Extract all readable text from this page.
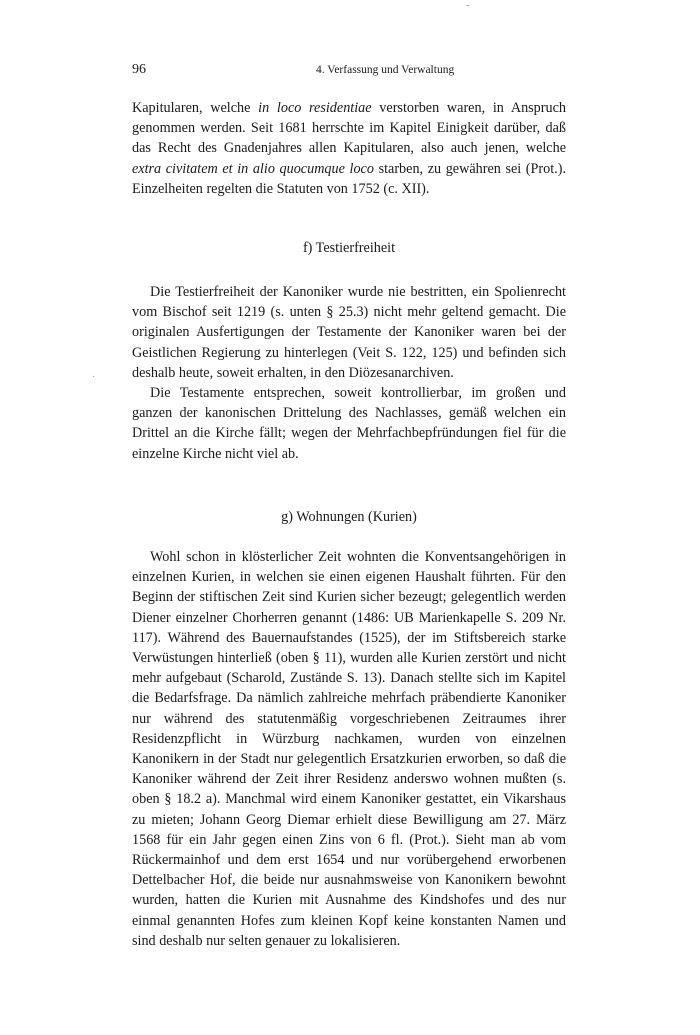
-
96	4. Verfassung und Verwaltung

Kapitularen, welche in loco residentiae verstorben waren, in Anspruch genommen werden. Seit 1681 herrschte im Kapitel Einigkeit darüber, daß das Recht des Gnadenjahres allen Kapitularen, also auch jenen, welche extra civitatem et in alio quocumque loco starben, zu gewähren sei (Prot.). Einzelheiten regelten die Statuten von 1752 (c. XII).

f) Testierfreiheit

Die Testierfreiheit der Kanoniker wurde nie bestritten, ein Spolienrecht vom Bischof seit 1219 (s. unten § 25.3) nicht mehr geltend gemacht. Die originalen Ausfertigungen der Testamente der Kanoniker waren bei der Geistlichen Regierung zu hinterlegen (Veit S. 122, 125) und befinden sich deshalb heute, soweit erhalten, in den Diözesanarchiven.

Die Testamente entsprechen, soweit kontrollierbar, im großen und ganzen der kanonischen Drittelung des Nachlasses, gemäß welchen ein Drittel an die Kirche fällt; wegen der Mehrfachbepfründungen fiel für die einzelne Kirche nicht viel ab.

·
g) Wohnungen (Kurien)

Wohl schon in klösterlicher Zeit wohnten die Konventsangehörigen in einzelnen Kurien, in welchen sie einen eigenen Haushalt führten. Für den Beginn der stiftischen Zeit sind Kurien sicher bezeugt; gelegentlich werden Diener einzelner Chorherren genannt (1486: UB Marienkapelle S. 209 Nr. 117). Während des Bauernaufstandes (1525), der im Stiftsbereich starke Verwüstungen hinterließ (oben § 11), wurden alle Kurien zerstört und nicht mehr aufgebaut (Scharold, Zustände S. 13). Danach stellte sich im Kapitel die Bedarfsfrage. Da nämlich zahlreiche mehrfach präbendierte Kanoniker nur während des statutenmäßig vorgeschriebenen Zeitraumes ihrer Residenzpflicht in Würzburg nachkamen, wurden von einzelnen Kanonikern in der Stadt nur gelegentlich Ersatzkurien erworben, so daß die Kanoniker während der Zeit ihrer Residenz anderswo wohnen mußten (s. oben § 18.2 a). Manchmal wird einem Kanoniker gestattet, ein Vikarshaus zu mieten; Johann Georg Diemar erhielt diese Bewilligung am 27. März 1568 für ein Jahr gegen einen Zins von 6 fl. (Prot.). Sieht man ab vom Rückermainhof und dem erst 1654 und nur vorübergehend erworbenen Dettelbacher Hof, die beide nur ausnahmsweise von Kanonikern bewohnt wurden, hatten die Kurien mit Ausnahme des Kindshofes und des nur einmal genannten Hofes zum kleinen Kopf keine konstanten Namen und sind deshalb nur selten genauer zu lokalisieren.
